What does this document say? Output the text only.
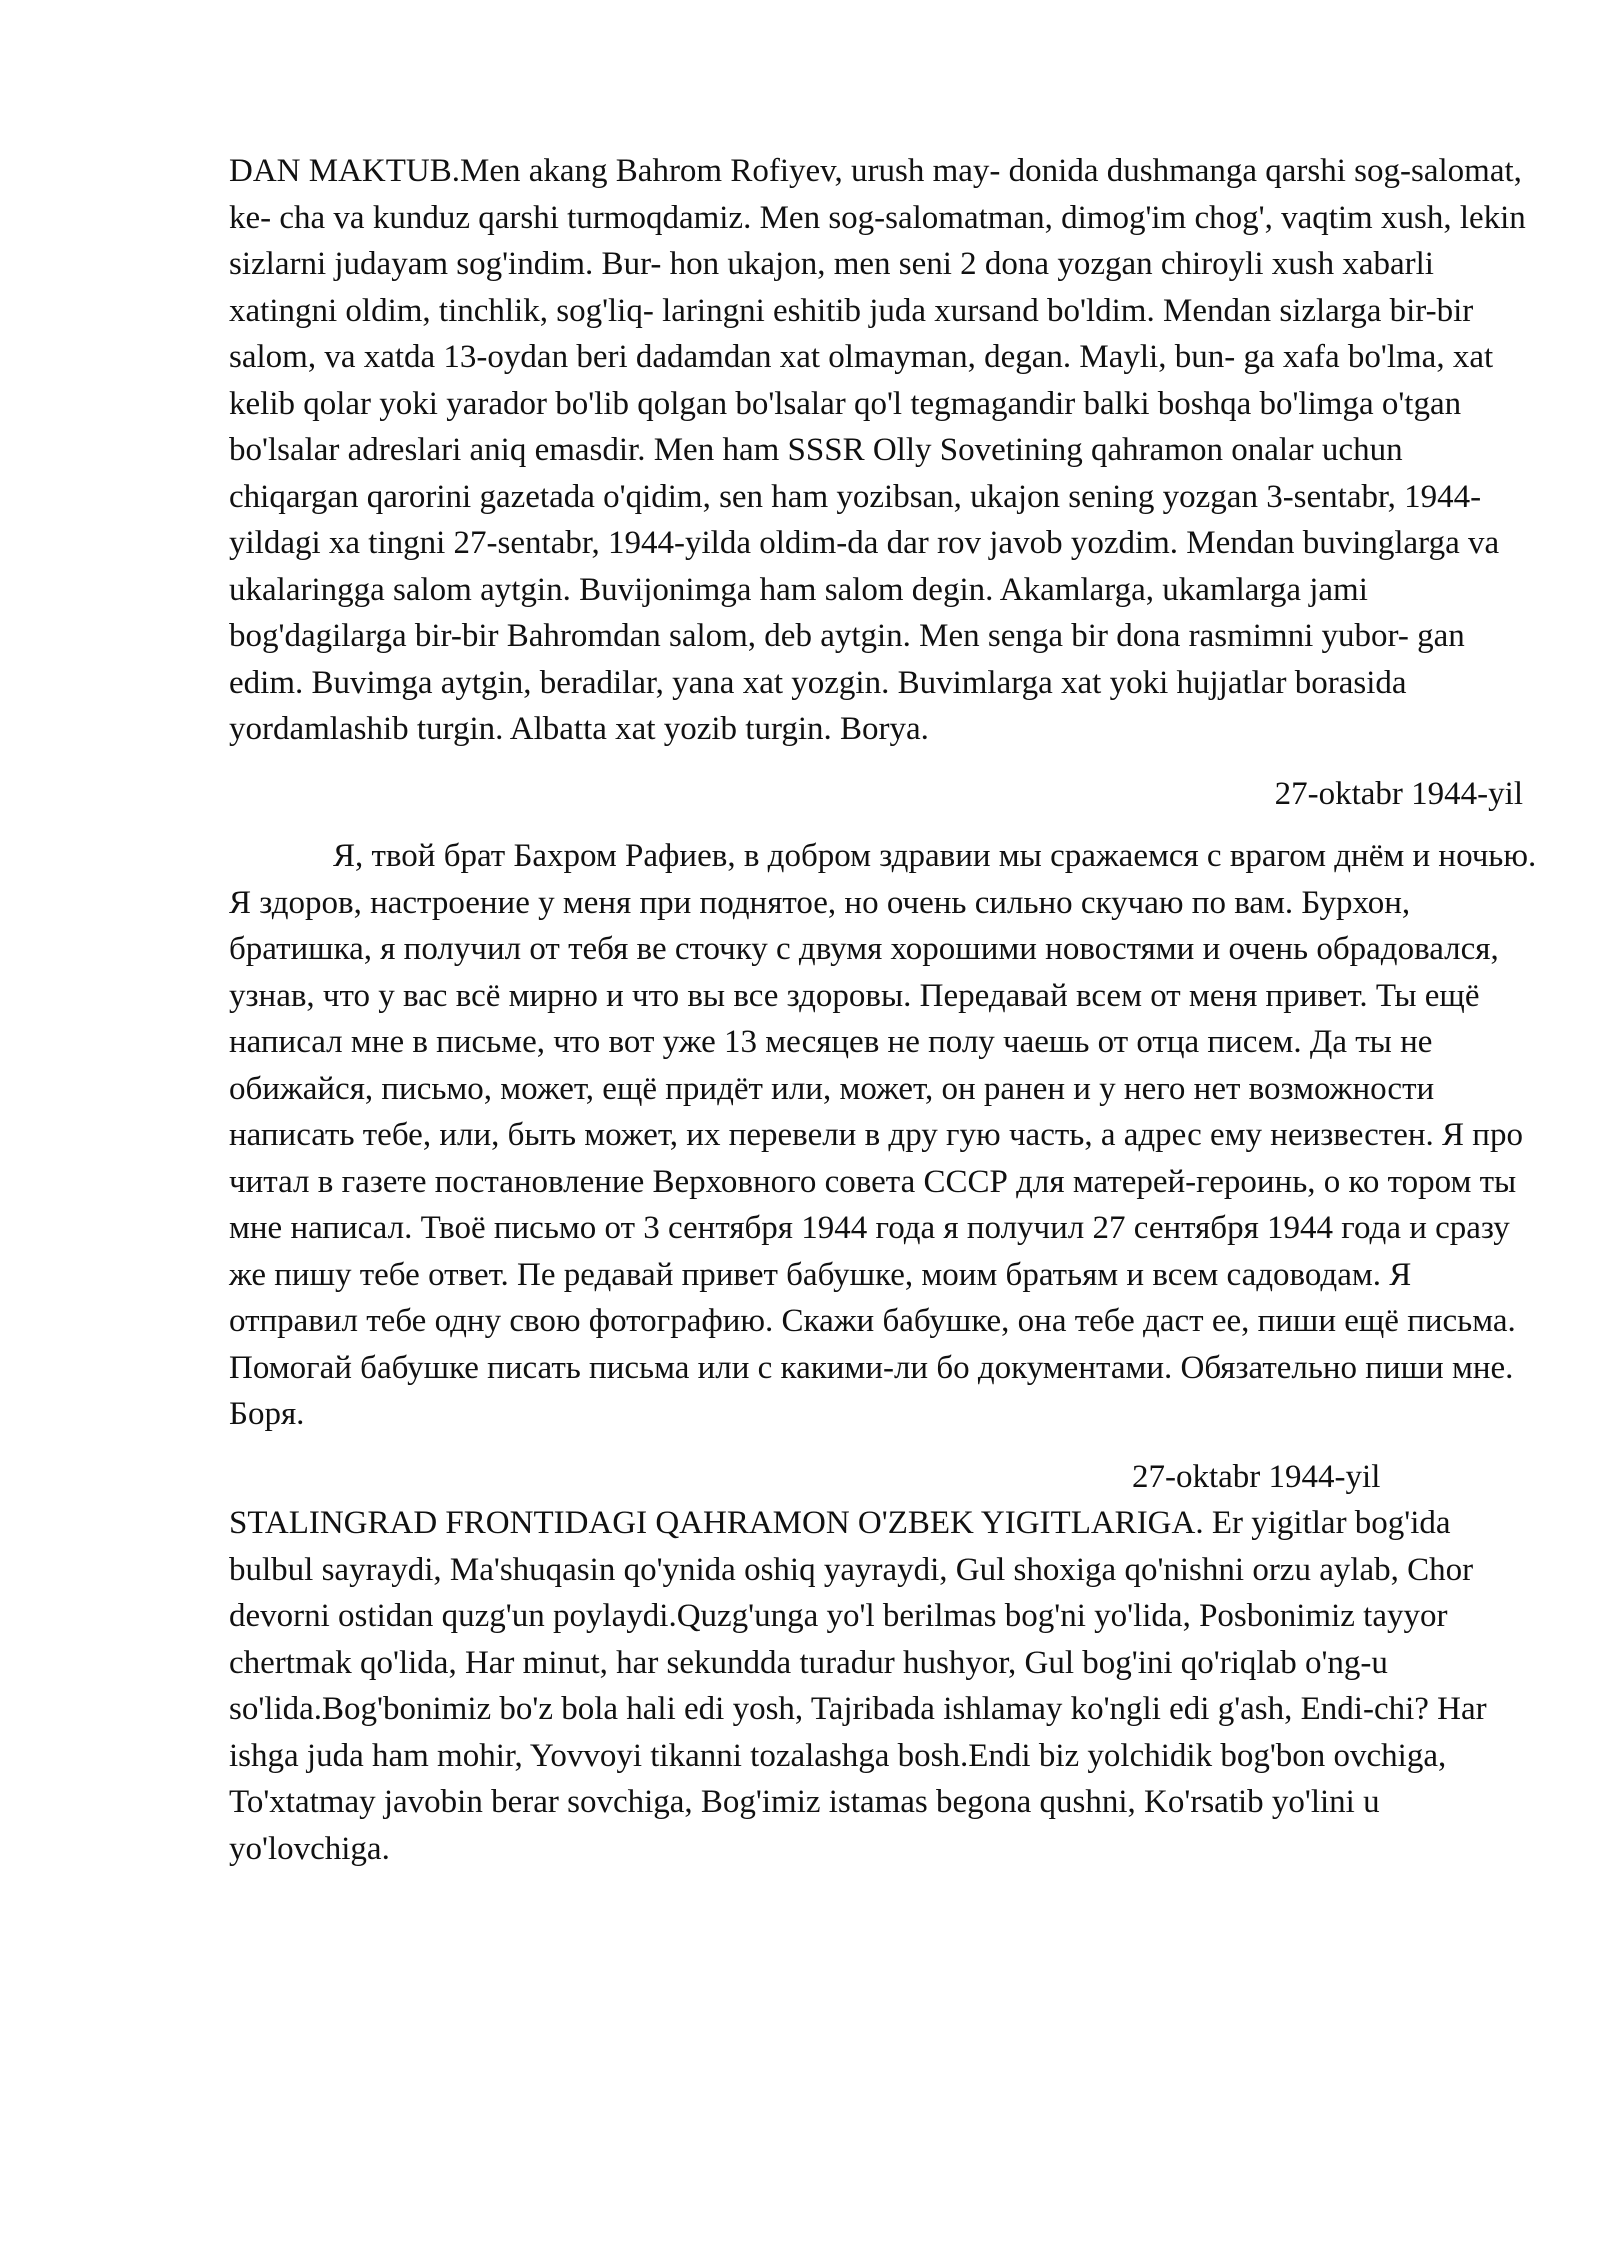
DAN MAKTUB.Men akang Bahrom Rofiyev, urush may- donida dushmanga qarshi sog-salomat, ke- cha va kunduz qarshi turmoqdamiz. Men sog-salomatman, dimog'im chog', vaqtim xush, lekin sizlarni judayam sog'indim. Bur- hon ukajon, men seni 2 dona yozgan chiroyli xush xabarli xatingni oldim, tinchlik, sog'liq- laringni eshitib juda xursand bo'ldim. Mendan sizlarga bir-bir salom, va xatda 13-oydan beri dadamdan xat olmayman, degan. Mayli, bun- ga xafa bo'lma, xat kelib qolar yoki yarador bo'lib qolgan bo'lsalar qo'l tegmagandir balki boshqa bo'limga o'tgan bo'lsalar adreslari aniq emasdir. Men ham SSSR Olly Sovetining qahramon onalar uchun chiqargan qarorini gazetada o'qidim, sen ham yozibsan, ukajon sening yozgan 3-sentabr, 1944-yildagi xa tingni 27-sentabr, 1944-yilda oldim-da dar rov javob yozdim. Mendan buvinglarga va ukalaringga salom aytgin. Buvijonimga ham salom degin. Akamlarga, ukamlarga jami bog'dagilarga bir-bir Bahromdan salom, deb aytgin. Men senga bir dona rasmimni yubor- gan edim. Buvimga aytgin, beradilar, yana xat yozgin. Buvimlarga xat yoki hujjatlar borasida yordamlashib turgin. Albatta xat yozib turgin. Borya.

27-oktabr 1944-yil

Я, твой брат Бахром Рафиев, в добром здравии мы сражаемся с врагом днём и ночью. Я здоров, настроение у меня при поднятое, но очень сильно скучаю по вам. Бурхон, братишка, я получил от тебя ве сточку с двумя хорошими новостями и очень обрадовался, узнав, что у вас всё мирно и что вы все здоровы. Передавай всем от меня привет. Ты ещё написал мне в письме, что вот уже 13 месяцев не полу чаешь от отца писем. Да ты не обижайся, письмо, может, ещё придёт или, может, он ранен и у него нет возможности написать тебе, или, быть может, их перевели в дру гую часть, а адрес ему неизвестен. Я про читал в газете постановление Верховного совета СССР для матерей-героинь, о ко тором ты мне написал. Твоё письмо от 3 сентября 1944 года я получил 27 сентября 1944 года и сразу же пишу тебе ответ. Пе редавай привет бабушке, моим братьям и всем садоводам. Я отправил тебе одну свою фотографию. Скажи бабушке, она тебе даст ее, пиши ещё письма. Помогай бабушке писать письма или с какими-ли бо документами. Обязательно пиши мне. Боря.

27-oktabr 1944-yil

STALINGRAD FRONTIDAGI QAHRAMON O'ZBEK YIGITLARIGA. Er yigitlar bog'ida bulbul sayraydi, Ma'shuqasin qo'ynida oshiq yayraydi, Gul shoxiga qo'nishni orzu aylab, Chor devorni ostidan quzg'un poylaydi.Quzg'unga yo'l berilmas bog'ni yo'lida, Posbonimiz tayyor chertmak qo'lida, Har minut, har sekundda turadur hushyor, Gul bog'ini qo'riqlab o'ng-u so'lida.Bog'bonimiz bo'z bola hali edi yosh, Tajribada ishlamay ko'ngli edi g'ash, Endi-chi? Har ishga juda ham mohir, Yovvoyi tikanni tozalashga bosh.Endi biz yolchidik bog'bon ovchiga, To'xtatmay javobin berar sovchiga, Bog'imiz istamas begona qushni, Ko'rsatib yo'lini u yo'lovchiga.
